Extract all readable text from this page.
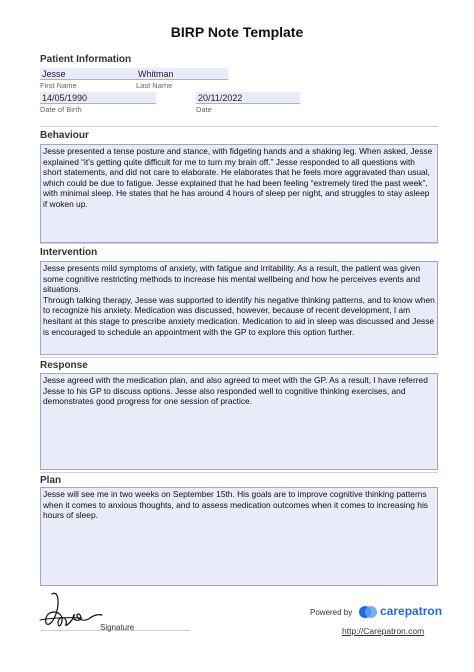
BIRP Note Template
Patient Information
Jesse	Whitman
First Name	Last Name
14/05/1990	20/11/2022
Date of Birth	Date
Behaviour
Jesse presented a tense posture and stance, with fidgeting hands and a shaking leg. When asked, Jesse explained “it’s getting quite difficult for me to turn my brain off.” Jesse responded to all questions with short statements, and did not care to elaborate. He elaborates that he feels more aggravated than usual, which could be due to fatigue. Jesse explained that he had been feeling “extremely tired the past week”, with minimal sleep. He states that he has around 4 hours of sleep per night, and struggles to stay asleep if woken up.
Intervention
Jesse presents mild symptoms of anxiety, with fatigue and irritability. As a result, the patient was given some cognitive restricting methods to increase his mental wellbeing and how he perceives events and situations.
Through talking therapy, Jesse was supported to identify his negative thinking patterns, and to know when to recognize his anxiety. Medication was discussed, however, because of recent development, I am hesitant at this stage to prescribe anxiety medication. Medication to aid in sleep was discussed and Jesse is encouraged to schedule an appointment with the GP to explore this option further.
Response
Jesse agreed with the medication plan, and also agreed to meet with the GP. As a result, I have referred Jesse to his GP to discuss options. Jesse also responded well to cognitive thinking exercises, and demonstrates good progress for one session of practice.
Plan
Jesse will see me in two weeks on September 15th. His goals are to improve cognitive thinking patterns when it comes to anxious thoughts, and to assess medication outcomes when it comes to increasing his hours of sleep.
Signature
Powered by carepatron
http://Carepatron.com
